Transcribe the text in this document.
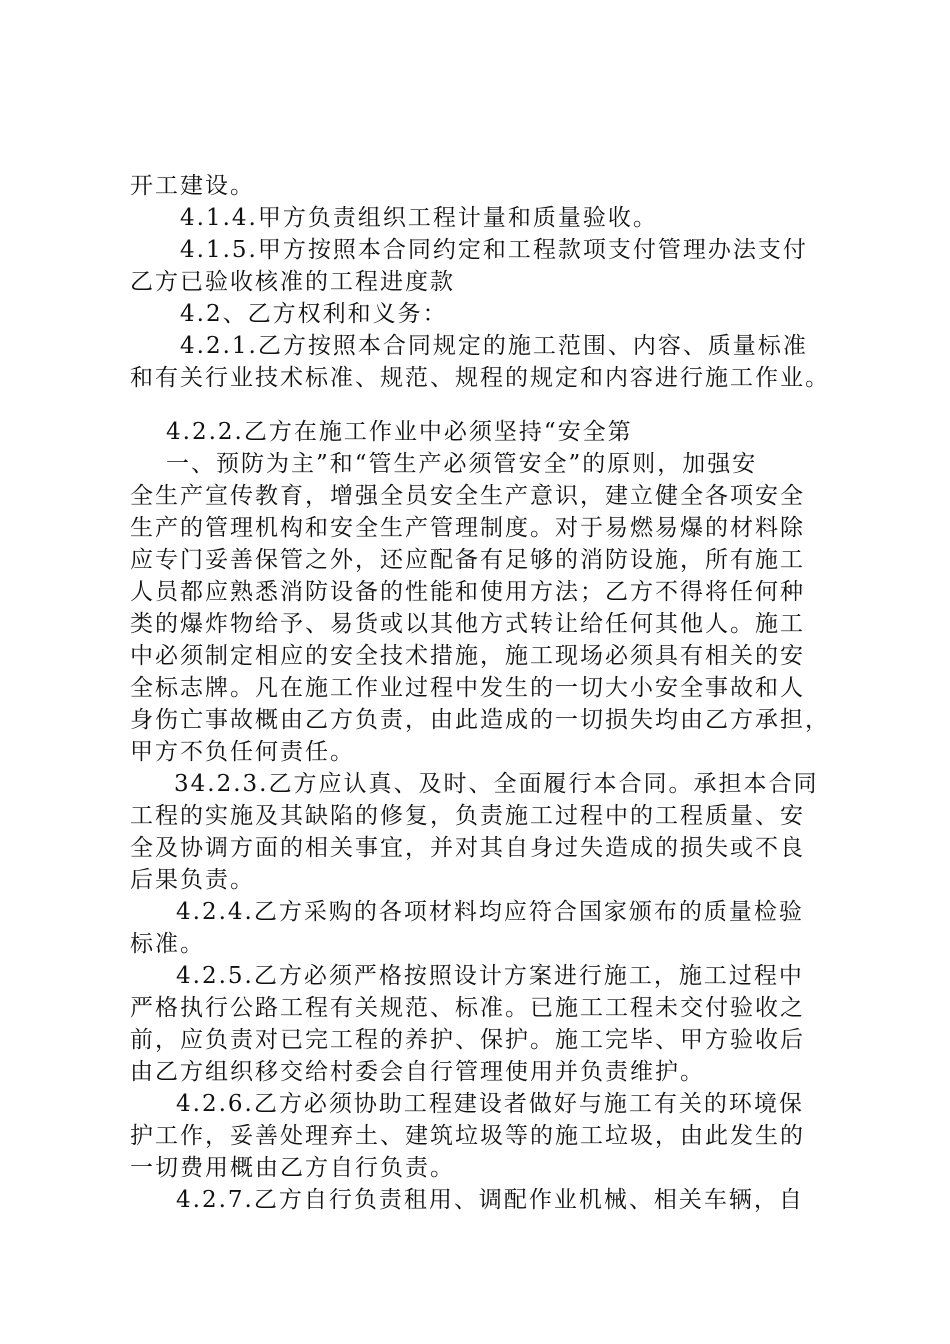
开工建设。
4.1.4.甲方负责组织工程计量和质量验收。
4.1.5.甲方按照本合同约定和工程款项支付管理办法支付
乙方已验收核准的工程进度款
4.2、乙方权利和义务：
4.2.1.乙方按照本合同规定的施工范围、内容、质量标准
和有关行业技术标准、规范、规程的规定和内容进行施工作业。
4.2.2.乙方在施工作业中必须坚持“安全第
一、预防为主”和“管生产必须管安全”的原则，加强安
全生产宣传教育，增强全员安全生产意识，建立健全各项安全
生产的管理机构和安全生产管理制度。对于易燃易爆的材料除
应专门妥善保管之外，还应配备有足够的消防设施，所有施工
人员都应熟悉消防设备的性能和使用方法；乙方不得将任何种
类的爆炸物给予、易货或以其他方式转让给任何其他人。施工
中必须制定相应的安全技术措施，施工现场必须具有相关的安
全标志牌。凡在施工作业过程中发生的一切大小安全事故和人
身伤亡事故概由乙方负责，由此造成的一切损失均由乙方承担，
甲方不负任何责任。
34.2.3.乙方应认真、及时、全面履行本合同。承担本合同
工程的实施及其缺陷的修复，负责施工过程中的工程质量、安
全及协调方面的相关事宜，并对其自身过失造成的损失或不良
后果负责。
4.2.4.乙方采购的各项材料均应符合国家颁布的质量检验
标准。
4.2.5.乙方必须严格按照设计方案进行施工，施工过程中
严格执行公路工程有关规范、标准。已施工工程未交付验收之
前，应负责对已完工程的养护、保护。施工完毕、甲方验收后
由乙方组织移交给村委会自行管理使用并负责维护。
4.2.6.乙方必须协助工程建设者做好与施工有关的环境保
护工作，妥善处理弃土、建筑垃圾等的施工垃圾，由此发生的
一切费用概由乙方自行负责。
4.2.7.乙方自行负责租用、调配作业机械、相关车辆，自
